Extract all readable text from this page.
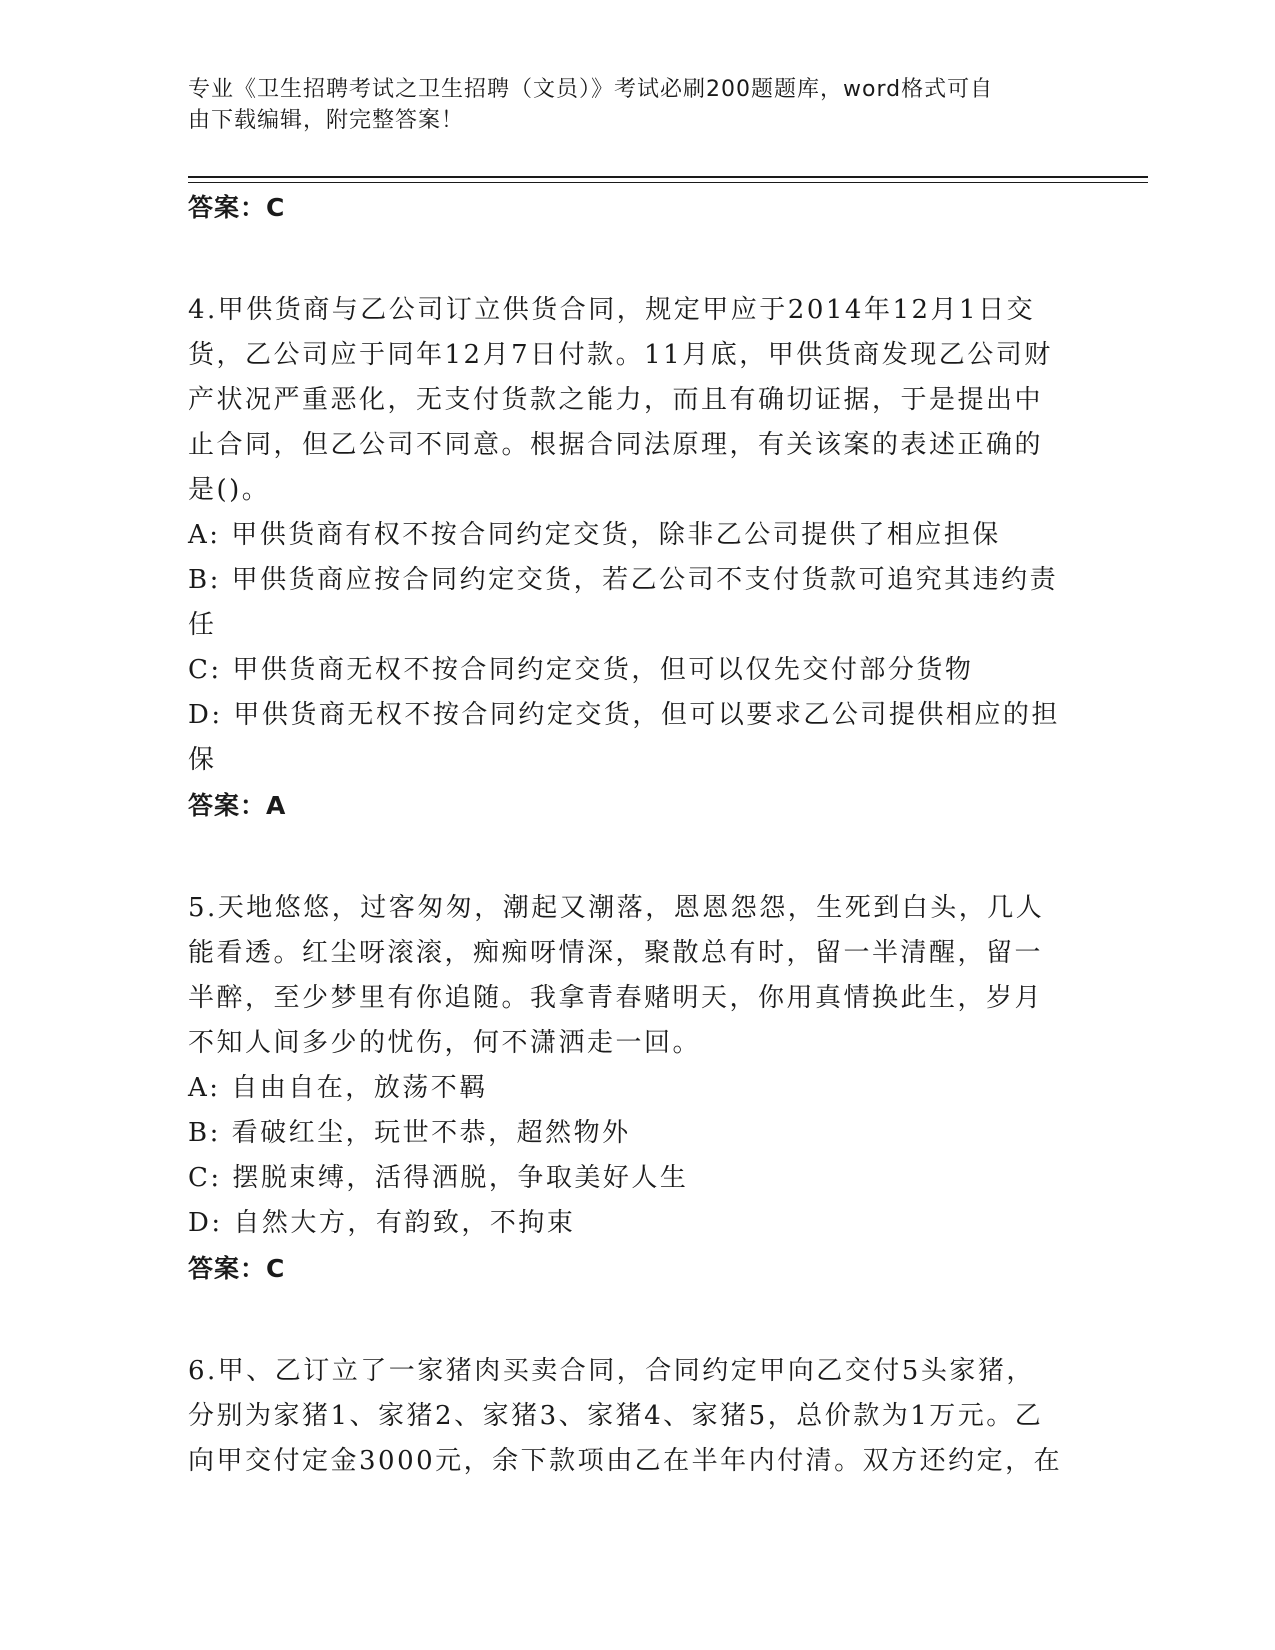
专业《卫生招聘考试之卫生招聘（文员）》考试必刷200题题库，word格式可自
由下载编辑，附完整答案！
答案：C
4.甲供货商与乙公司订立供货合同，规定甲应于2014年12月1日交
货，乙公司应于同年12月7日付款。11月底，甲供货商发现乙公司财
产状况严重恶化，无支付货款之能力，而且有确切证据，于是提出中
止合同，但乙公司不同意。根据合同法原理，有关该案的表述正确的
是()。
A: 甲供货商有权不按合同约定交货，除非乙公司提供了相应担保
B: 甲供货商应按合同约定交货，若乙公司不支付货款可追究其违约责
任
C: 甲供货商无权不按合同约定交货，但可以仅先交付部分货物
D: 甲供货商无权不按合同约定交货，但可以要求乙公司提供相应的担
保
答案：A
5.天地悠悠，过客匆匆，潮起又潮落，恩恩怨怨，生死到白头，几人
能看透。红尘呀滚滚，痴痴呀情深，聚散总有时，留一半清醒，留一
半醉，至少梦里有你追随。我拿青春赌明天，你用真情换此生，岁月
不知人间多少的忧伤，何不潇洒走一回。
A: 自由自在，放荡不羁
B: 看破红尘，玩世不恭，超然物外
C: 摆脱束缚，活得洒脱，争取美好人生
D: 自然大方，有韵致，不拘束
答案：C
6.甲、乙订立了一家猪肉买卖合同，合同约定甲向乙交付5头家猪，
分别为家猪1、家猪2、家猪3、家猪4、家猪5，总价款为1万元。乙
向甲交付定金3000元，余下款项由乙在半年内付清。双方还约定，在
